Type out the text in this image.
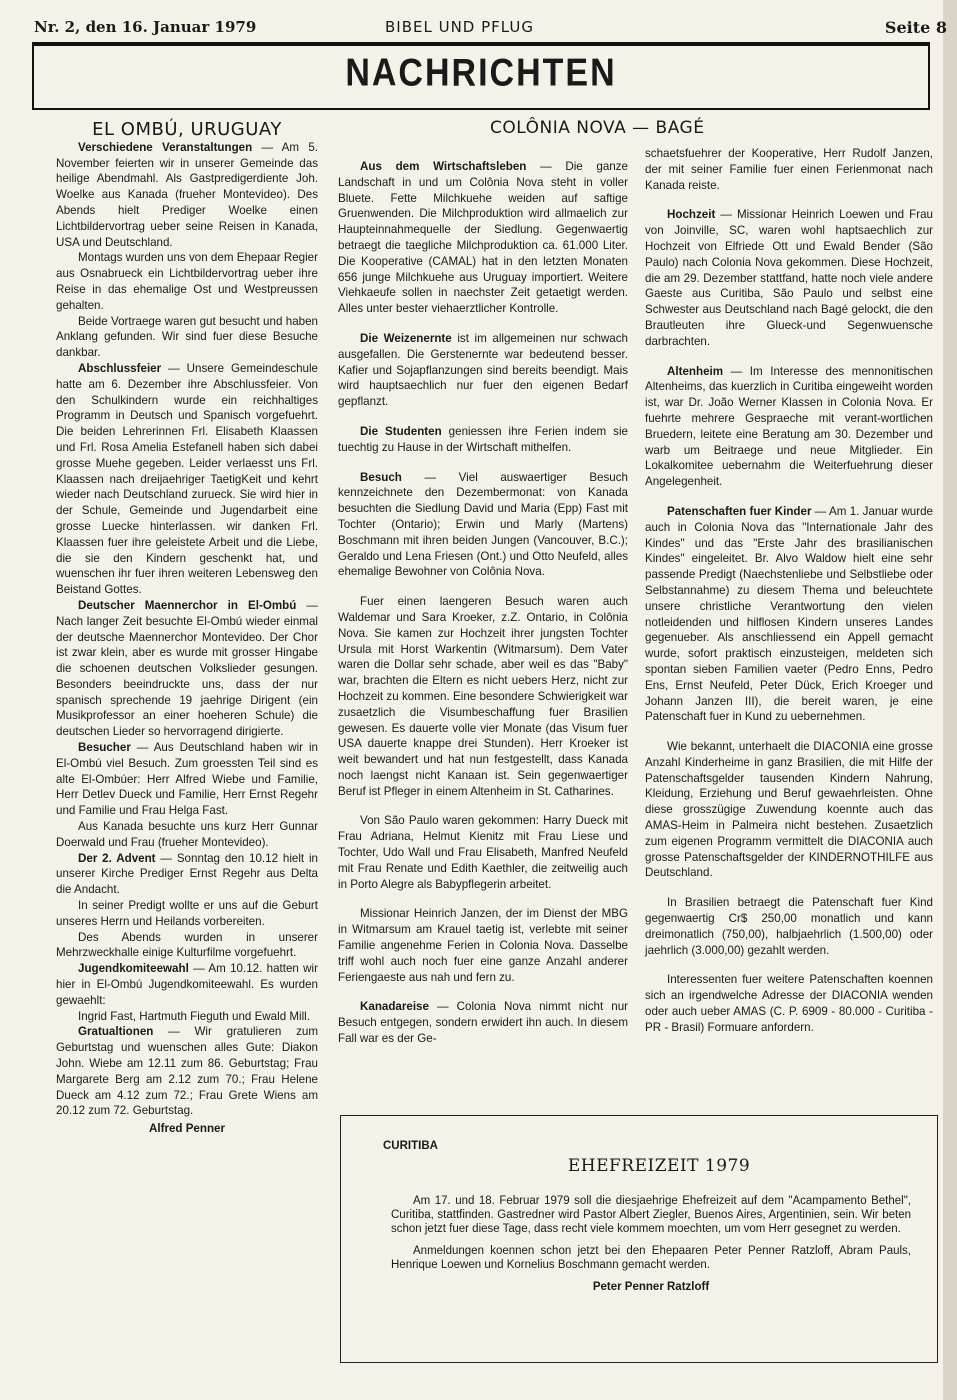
Nr. 2, den 16. Januar 1979	BIBEL UND PFLUG	Seite 8
NACHRICHTEN
EL OMBÚ, URUGUAY

Verschiedene Veranstaltungen — Am 5. November feierten wir in unserer Gemeinde das heilige Abendmahl. Als Gastpredigerdiente Joh. Woelke aus Kanada (frueher Montevideo). Des Abends hielt Prediger Woelke einen Lichtbildervortrag ueber seine Reisen in Kanada, USA und Deutschland.

Montags wurden uns von dem Ehepaar Regier aus Osnabrueck ein Lichtbildervortrag ueber ihre Reise in das ehemalige Ost und Westpreussen gehalten.

Beide Vortraege waren gut besucht und haben Anklang gefunden. Wir sind fuer diese Besuche dankbar.

Abschlussfeier — Unsere Gemeindeschule hatte am 6. Dezember ihre Abschlussfeier. Von den Schulkindern wurde ein reichhaltiges Programm in Deutsch und Spanisch vorgefuehrt. Die beiden Lehrerinnen Frl. Elisabeth Klaassen und Frl. Rosa Amelia Estefanell haben sich dabei grosse Muehe gegeben. Leider verlaesst uns Frl. Klaassen nach dreijaehriger TaetigKeit und kehrt wieder nach Deutschland zurueck. Sie wird hier in der Schule, Gemeinde und Jugendarbeit eine grosse Luecke hinterlassen. wir danken Frl. Klaassen fuer ihre geleistete Arbeit und die Liebe, die sie den Kindern geschenkt hat, und wuenschen ihr fuer ihren weiteren Lebensweg den Beistand Gottes.

Deutscher Maennerchor in El-Ombú — Nach langer Zeit besuchte El-Ombú wieder einmal der deutsche Maennerchor Montevideo. Der Chor ist zwar klein, aber es wurde mit grosser Hingabe die schoenen deutschen Volkslieder gesungen. Besonders beeindruckte uns, dass der nur spanisch sprechende 19 jaehrige Dirigent (ein Musikprofessor an einer hoeheren Schule) die deutschen Lieder so hervorragend dirigierte.

Besucher — Aus Deutschland haben wir in El-Ombú viel Besuch. Zum groessten Teil sind es alte El-Ombúer: Herr Alfred Wiebe und Familie, Herr Detlev Dueck und Familie, Herr Ernst Regehr und Familie und Frau Helga Fast.

Aus Kanada besuchte uns kurz Herr Gunnar Doerwald und Frau (frueher Montevideo).

Der 2. Advent — Sonntag den 10.12 hielt in unserer Kirche Prediger Ernst Regehr aus Delta die Andacht.

In seiner Predigt wollte er uns auf die Geburt unseres Herrn und Heilands vorbereiten.

Des Abends wurden in unserer Mehrzweckhalle einige Kulturfilme vorgefuehrt.

Jugendkomiteewahl — Am 10.12. hatten wir hier in El-Ombú Jugendkomiteewahl. Es wurden gewaehlt:

Ingrid Fast, Hartmuth Fieguth und Ewald Mill.

Gratualtionen — Wir gratulieren zum Geburtstag und wuenschen alles Gute: Diakon John. Wiebe am 12.11 zum 86. Geburtstag; Frau Margarete Berg am 2.12 zum 70.; Frau Helene Dueck am 4.12 zum 72.; Frau Grete Wiens am 20.12 zum 72. Geburtstag.

Alfred Penner

COLÔNIA NOVA — BAGÉ

Aus dem Wirtschaftsleben — Die ganze Landschaft in und um Colônia Nova steht in voller Bluete. Fette Milchkuehe weiden auf saftige Gruenwenden. Die Milchproduktion wird allmaelich zur Haupteinnahmequelle der Siedlung. Gegenwaertig betraegt die taegliche Milchproduktion ca. 61.000 Liter. Die Kooperative (CAMAL) hat in den letzten Monaten 656 junge Milchkuehe aus Uruguay importiert. Weitere Viehkaeufe sollen in naechster Zeit getaetigt werden. Alles unter bester viehaerztlicher Kontrolle.

Die Weizenernte ist im allgemeinen nur schwach ausgefallen. Die Gerstenernte war bedeutend besser. Kafier und Sojapflanzungen sind bereits beendigt. Mais wird hauptsaechlich nur fuer den eigenen Bedarf gepflanzt.

Die Studenten geniessen ihre Ferien indem sie tuechtig zu Hause in der Wirtschaft mithelfen.

Besuch — Viel auswaertiger Besuch kennzeichnete den Dezembermonat: von Kanada besuchten die Siedlung David und Maria (Epp) Fast mit Tochter (Ontario); Erwin und Marly (Martens) Boschmann mit ihren beiden Jungen (Vancouver, B.C.); Geraldo und Lena Friesen (Ont.) und Otto Neufeld, alles ehemalige Bewohner von Colônia Nova.

Fuer einen laengeren Besuch waren auch Waldemar und Sara Kroeker, z.Z. Ontario, in Colônia Nova. Sie kamen zur Hochzeit ihrer jungsten Tochter Ursula mit Horst Warkentin (Witmarsum). Dem Vater waren die Dollar sehr schade, aber weil es das "Baby" war, brachten die Eltern es nicht uebers Herz, nicht zur Hochzeit zu kommen. Eine besondere Schwierigkeit war zusaetzlich die Visumbeschaffung fuer Brasilien gewesen. Es dauerte volle vier Monate (das Visum fuer USA dauerte knappe drei Stunden). Herr Kroeker ist weit bewandert und hat nun festgestellt, dass Kanada noch laengst nicht Kanaan ist. Sein gegenwaertiger Beruf ist Pfleger in einem Altenheim in St. Catharines.

Von São Paulo waren gekommen: Harry Dueck mit Frau Adriana, Helmut Kienitz mit Frau Liese und Tochter, Udo Wall und Frau Elisabeth, Manfred Neufeld mit Frau Renate und Edith Kaethler, die zeitweilig auch in Porto Alegre als Babypflegerin arbeitet.

Missionar Heinrich Janzen, der im Dienst der MBG in Witmarsum am Krauel taetig ist, verlebte mit seiner Familie angenehme Ferien in Colonia Nova. Dasselbe triff wohl auch noch fuer eine ganze Anzahl anderer Feriengaeste aus nah und fern zu.

Kanadareise — Colonia Nova nimmt nicht nur Besuch entgegen, sondern erwidert ihn auch. In diesem Fall war es der Ge-

schaetsfuehrer der Kooperative, Herr Rudolf Janzen, der mit seiner Familie fuer einen Ferienmonat nach Kanada reiste.

Hochzeit — Missionar Heinrich Loewen und Frau von Joinville, SC, waren wohl haptsaechlich zur Hochzeit von Elfriede Ott und Ewald Bender (São Paulo) nach Colonia Nova gekommen. Diese Hochzeit, die am 29. Dezember stattfand, hatte noch viele andere Gaeste aus Curitiba, São Paulo und selbst eine Schwester aus Deutschland nach Bagé gelockt, die den Brautleuten ihre Glueck-und Segenwuensche darbrachten.

Altenheim — Im Interesse des mennonitischen Altenheims, das kuerzlich in Curitiba eingeweiht worden ist, war Dr. João Werner Klassen in Colonia Nova. Er fuehrte mehrere Gespraeche mit verant-wortlichen Bruedern, leitete eine Beratung am 30. Dezember und warb um Beitraege und neue Mitglieder. Ein Lokalkomitee uebernahm die Weiterfuehrung dieser Angelegenheit.

Patenschaften fuer Kinder — Am 1. Januar wurde auch in Colonia Nova das "Internationale Jahr des Kindes" und das "Erste Jahr des brasilianischen Kindes" eingeleitet. Br. Alvo Waldow hielt eine sehr passende Predigt (Naechstenliebe und Selbstliebe oder Selbstannahme) zu diesem Thema und beleuchtete unsere christliche Verantwortung den vielen notleidenden und hilflosen Kindern unseres Landes gegenueber. Als anschliessend ein Appell gemacht wurde, sofort praktisch einzusteigen, meldeten sich spontan sieben Familien vaeter (Pedro Enns, Pedro Ens, Ernst Neufeld, Peter Dück, Erich Kroeger und Johann Janzen III), die bereit waren, je eine Patenschaft fuer in Kund zu uebernehmen.

Wie bekannt, unterhaelt die DIACONIA eine grosse Anzahl Kinderheime in ganz Brasilien, die mit Hilfe der Patenschaftsgelder tausenden Kindern Nahrung, Kleidung, Erziehung und Beruf gewaehrleisten. Ohne diese grosszügige Zuwendung koennte auch das AMAS-Heim in Palmeira nicht bestehen. Zusaetzlich zum eigenen Programm vermittelt die DIACONIA auch grosse Patenschaftsgelder der KINDERNOTHILFE aus Deutschland.

In Brasilien betraegt die Patenschaft fuer Kind gegenwaertig Cr$ 250,00 monatlich und kann dreimonatlich (750,00), halbjaehrlich (1.500,00) oder jaehrlich (3.000,00) gezahlt werden.

Interessenten fuer weitere Patenschaften koennen sich an irgendwelche Adresse der DIACONIA wenden oder auch ueber AMAS (C. P. 6909 - 80.000 - Curitiba - PR - Brasil) Formuare anfordern.

CURITIBA
EHEFREIZEIT 1979

Am 17. und 18. Februar 1979 soll die diesjaehrige Ehefreizeit auf dem "Acampamento Bethel", Curitiba, stattfinden. Gastredner wird Pastor Albert Ziegler, Buenos Aires, Argentinien, sein. Wir beten schon jetzt fuer diese Tage, dass recht viele kommem moechten, um vom Herr gesegnet zu werden.

Anmeldungen koennen schon jetzt bei den Ehepaaren Peter Penner Ratzloff, Abram Pauls, Henrique Loewen und Kornelius Boschmann gemacht werden.

Peter Penner Ratzloff
